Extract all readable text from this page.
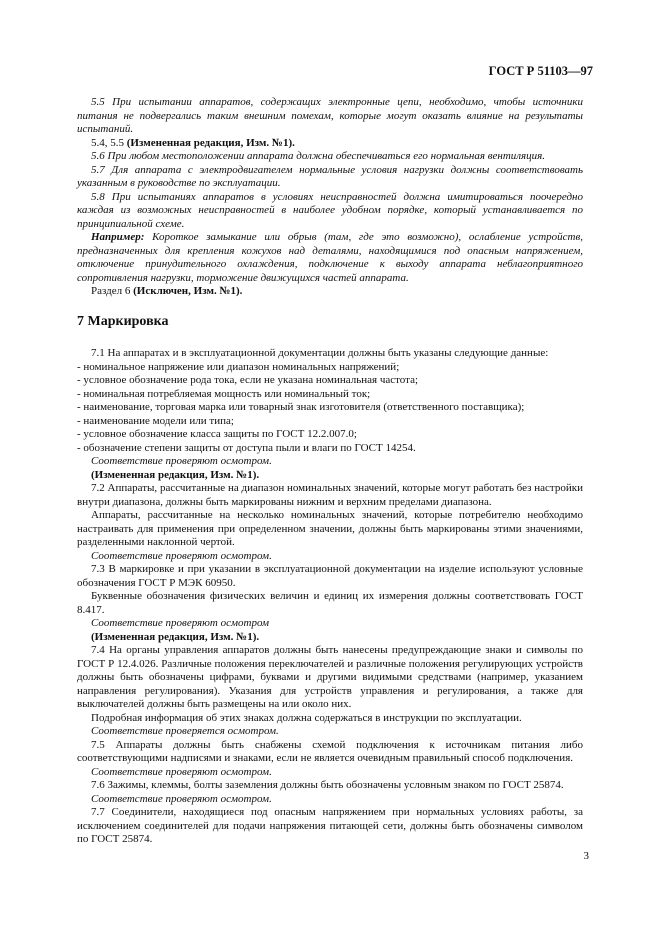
ГОСТ Р 51103—97

5.5 При испытании аппаратов, содержащих электронные цепи, необходимо, чтобы источники питания не подвергались таким внешним помехам, которые могут оказать влияние на результаты испытаний.

5.4, 5.5 (Измененная редакция, Изм. №1).

5.6 При любом местоположении аппарата должна обеспечиваться его нормальная вентиляция.

5.7 Для аппарата с электродвигателем нормальные условия нагрузки должны соответствовать указанным в руководстве по эксплуатации.

5.8 При испытаниях аппаратов в условиях неисправностей должна имитироваться поочередно каждая из возможных неисправностей в наиболее удобном порядке, который устанавливается по принципиальной схеме.

Например: Короткое замыкание или обрыв (там, где это возможно), ослабление устройств, предназначенных для крепления кожухов над деталями, находящимися под опасным напряжением, отключение принудительного охлаждения, подключение к выходу аппарата неблагоприятного сопротивления нагрузки, торможение движущихся частей аппарата.

Раздел 6 (Исключен, Изм. №1).

7 Маркировка

7.1 На аппаратах и в эксплуатационной документации должны быть указаны следующие данные:

- номинальное напряжение или диапазон номинальных напряжений;

- условное обозначение рода тока, если не указана номинальная частота;

- номинальная потребляемая мощность или номинальный ток;

- наименование, торговая марка или товарный знак изготовителя (ответственного поставщика);

- наименование модели или типа;

- условное обозначение класса защиты по ГОСТ 12.2.007.0;

- обозначение степени защиты от доступа пыли и влаги по ГОСТ 14254.

Соответствие проверяют осмотром.

(Измененная редакция, Изм. №1).

7.2 Аппараты, рассчитанные на диапазон номинальных значений, которые могут работать без настройки внутри диапазона, должны быть маркированы нижним и верхним пределами диапазона.

Аппараты, рассчитанные на несколько номинальных значений, которые потребителю необходимо настраивать для применения при определенном значении, должны быть маркированы этими значениями, разделенными наклонной чертой.

Соответствие проверяют осмотром.

7.3 В маркировке и при указании в эксплуатационной документации на изделие используют условные обозначения ГОСТ Р МЭК 60950.

Буквенные обозначения физических величин и единиц их измерения должны соответствовать ГОСТ 8.417.

Соответствие проверяют осмотром

(Измененная редакция, Изм. №1).

7.4 На органы управления аппаратов должны быть нанесены предупреждающие знаки и символы по ГОСТ Р 12.4.026. Различные положения переключателей и различные положения регулирующих устройств должны быть обозначены цифрами, буквами и другими видимыми средствами (например, указанием направления регулирования). Указания для устройств управления и регулирования, а также для выключателей должны быть размещены на или около них.

Подробная информация об этих знаках должна содержаться в инструкции по эксплуатации.

Соответствие проверяется осмотром.

7.5 Аппараты должны быть снабжены схемой подключения к источникам питания либо соответствующими надписями и знаками, если не является очевидным правильный способ подключения.

Соответствие проверяют осмотром.

7.6 Зажимы, клеммы, болты заземления должны быть обозначены условным знаком по ГОСТ 25874.

Соответствие проверяют осмотром.

7.7 Соединители, находящиеся под опасным напряжением при нормальных условиях работы, за исключением соединителей для подачи напряжения питающей сети, должны быть обозначены символом по ГОСТ 25874.

3
